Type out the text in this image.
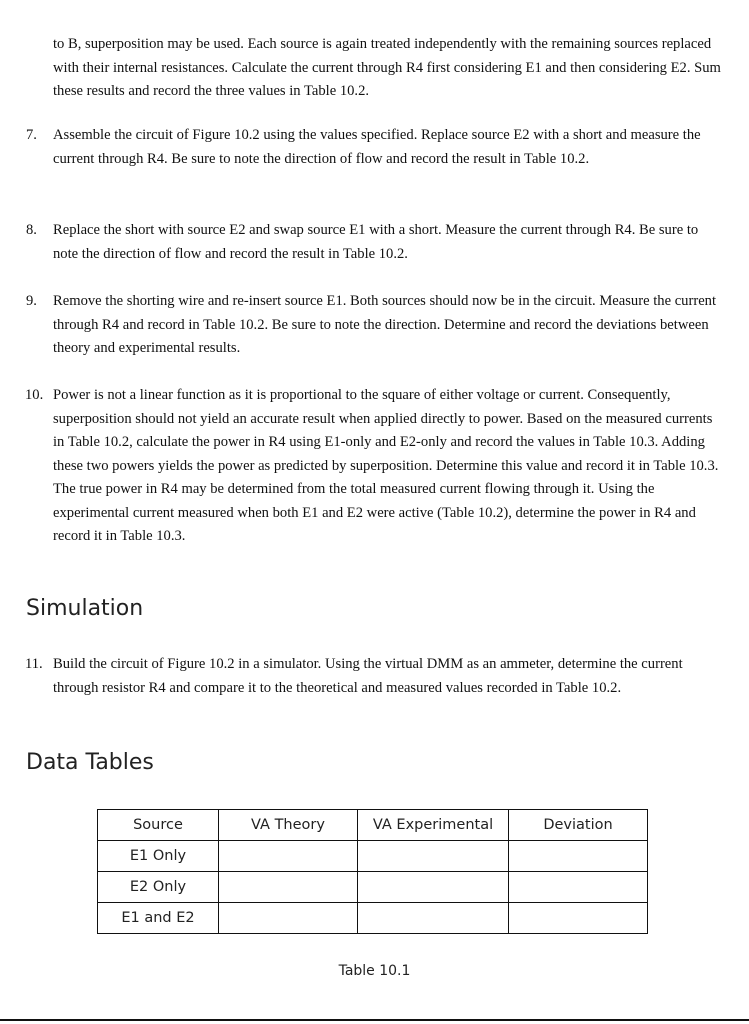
to B, superposition may be used. Each source is again treated independently with the remaining sources replaced with their internal resistances. Calculate the current through R4 first considering E1 and then considering E2. Sum these results and record the three values in Table 10.2.

7. Assemble the circuit of Figure 10.2 using the values specified. Replace source E2 with a short and measure the current through R4. Be sure to note the direction of flow and record the result in Table 10.2.
8. Replace the short with source E2 and swap source E1 with a short. Measure the current through R4. Be sure to note the direction of flow and record the result in Table 10.2.
9. Remove the shorting wire and re-insert source E1. Both sources should now be in the circuit. Measure the current through R4 and record in Table 10.2. Be sure to note the direction. Determine and record the deviations between theory and experimental results.
10. Power is not a linear function as it is proportional to the square of either voltage or current. Consequently, superposition should not yield an accurate result when applied directly to power. Based on the measured currents in Table 10.2, calculate the power in R4 using E1-only and E2-only and record the values in Table 10.3. Adding these two powers yields the power as predicted by superposition. Determine this value and record it in Table 10.3. The true power in R4 may be determined from the total measured current flowing through it. Using the experimental current measured when both E1 and E2 were active (Table 10.2), determine the power in R4 and record it in Table 10.3.
Simulation
11. Build the circuit of Figure 10.2 in a simulator. Using the virtual DMM as an ammeter, determine the current through resistor R4 and compare it to the theoretical and measured values recorded in Table 10.2.
Data Tables
Source	VA Theory	VA Experimental	Deviation
E1 Only			
E2 Only			
E1 and E2			
Table 10.1
